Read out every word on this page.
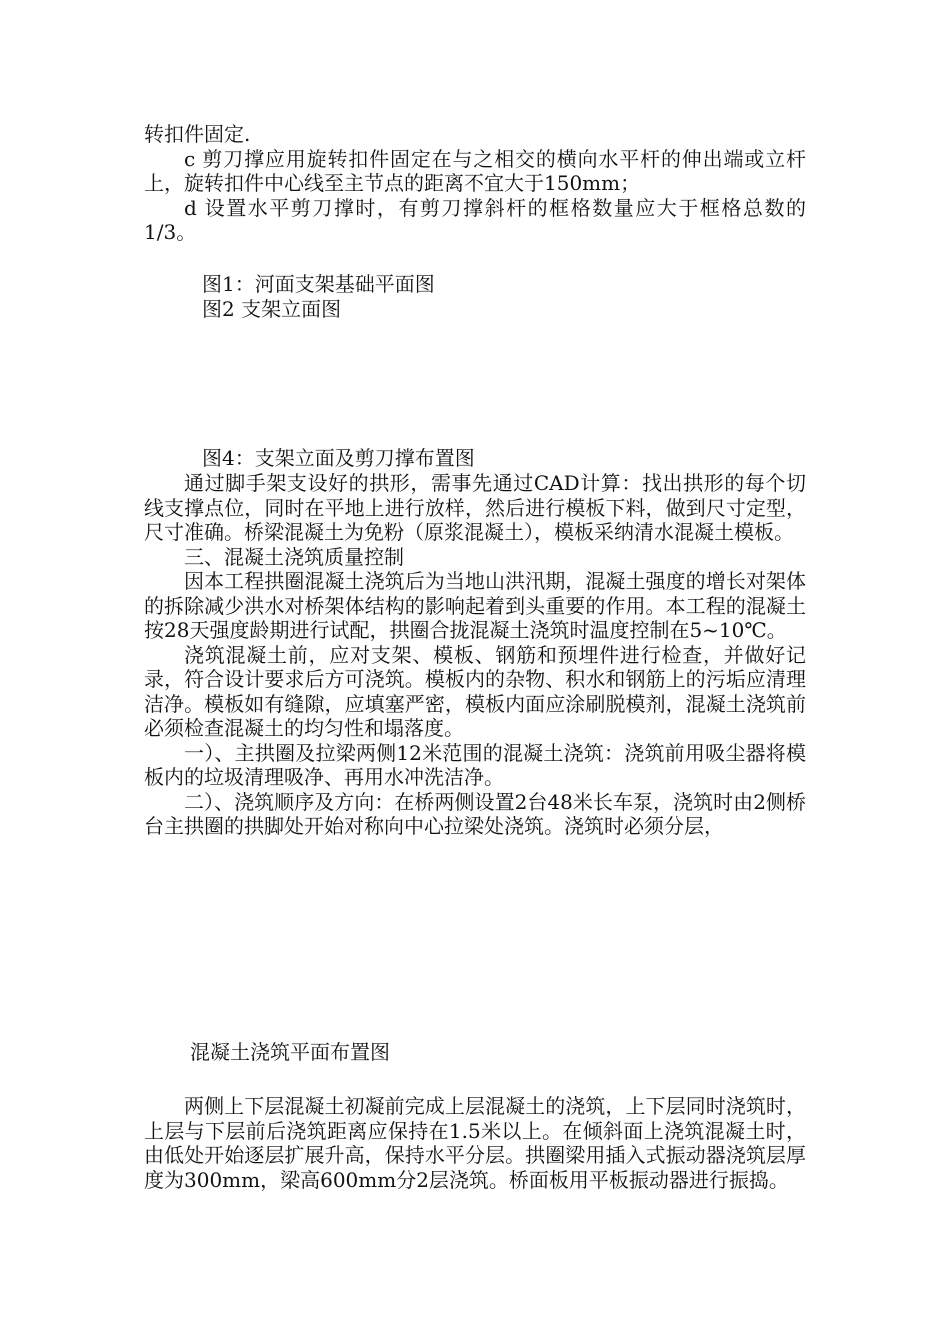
转扣件固定.

c 剪刀撑应用旋转扣件固定在与之相交的横向水平杆的伸出端或立杆上，旋转扣件中心线至主节点的距离不宜大于150mm；

d 设置水平剪刀撑时，有剪刀撑斜杆的框格数量应大于框格总数的1/3。

图1：河面支架基础平面图
图2 支架立面图
图4：支架立面及剪刀撑布置图

通过脚手架支设好的拱形，需事先通过CAD计算：找出拱形的每个切线支撑点位，同时在平地上进行放样，然后进行模板下料，做到尺寸定型，尺寸准确。桥梁混凝土为免粉（原浆混凝土），模板采纳清水混凝土模板。

三、混凝土浇筑质量控制

因本工程拱圈混凝土浇筑后为当地山洪汛期，混凝土强度的增长对架体的拆除减少洪水对桥架体结构的影响起着到头重要的作用。本工程的混凝土按28天强度龄期进行试配，拱圈合拢混凝土浇筑时温度控制在5~10℃。

浇筑混凝土前，应对支架、模板、钢筋和预埋件进行检查，并做好记录，符合设计要求后方可浇筑。模板内的杂物、积水和钢筋上的污垢应清理洁净。模板如有缝隙，应填塞严密，模板内面应涂刷脱模剂，混凝土浇筑前必须检查混凝土的均匀性和塌落度。

一）、主拱圈及拉梁两侧12米范围的混凝土浇筑：浇筑前用吸尘器将模板内的垃圾清理吸净、再用水冲洗洁净。

二）、浇筑顺序及方向：在桥两侧设置2台48米长车泵，浇筑时由2侧桥台主拱圈的拱脚处开始对称向中心拉梁处浇筑。浇筑时必须分层，

混凝土浇筑平面布置图

两侧上下层混凝土初凝前完成上层混凝土的浇筑，上下层同时浇筑时，上层与下层前后浇筑距离应保持在1.5米以上。在倾斜面上浇筑混凝土时，由低处开始逐层扩展升高，保持水平分层。拱圈梁用插入式振动器浇筑层厚度为300mm，梁高600mm分2层浇筑。桥面板用平板振动器进行振捣。
